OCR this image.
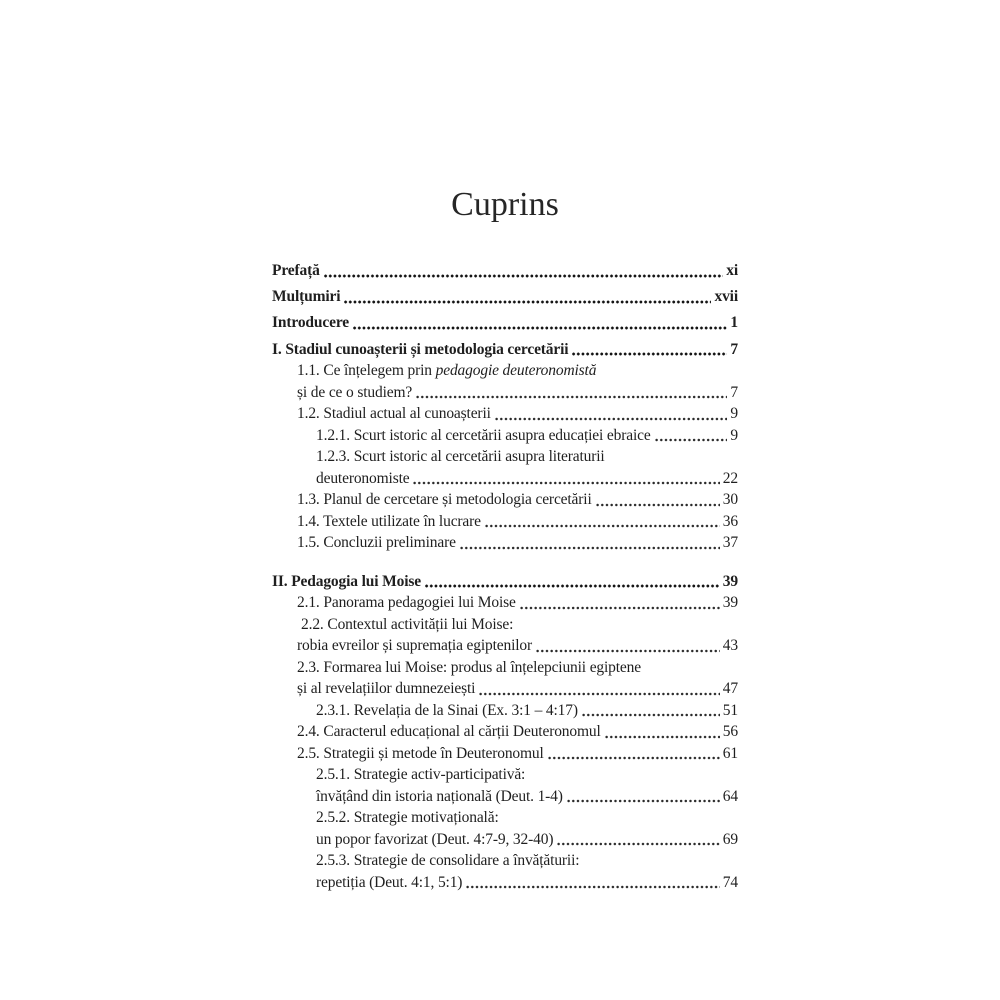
Cuprins
Prefață	xi
Mulțumiri	xvii
Introducere	1
I. Stadiul cunoașterii și metodologia cercetării	7
1.1. Ce înțelegem prin pedagogie deuteronomistă
și de ce o studiem?	7
1.2. Stadiul actual al cunoașterii	9
1.2.1. Scurt istoric al cercetării asupra educației ebraice	9
1.2.3. Scurt istoric al cercetării asupra literaturii
deuteronomiste	22
1.3. Planul de cercetare și metodologia cercetării	30
1.4. Textele utilizate în lucrare	36
1.5. Concluzii preliminare	37
II. Pedagogia lui Moise	39
2.1. Panorama pedagogiei lui Moise	39
2.2. Contextul activității lui Moise:
robia evreilor și supremația egiptenilor	43
2.3. Formarea lui Moise: produs al înțelepciunii egiptene
și al revelațiilor dumnezeiești	47
2.3.1. Revelația de la Sinai (Ex. 3:1 – 4:17)	51
2.4. Caracterul educațional al cărții Deuteronomul	56
2.5. Strategii și metode în Deuteronomul	61
2.5.1. Strategie activ-participativă:
învățând din istoria națională (Deut. 1-4)	64
2.5.2. Strategie motivațională:
un popor favorizat (Deut. 4:7-9, 32-40)	69
2.5.3. Strategie de consolidare a învățăturii:
repetiția (Deut. 4:1, 5:1)	74
